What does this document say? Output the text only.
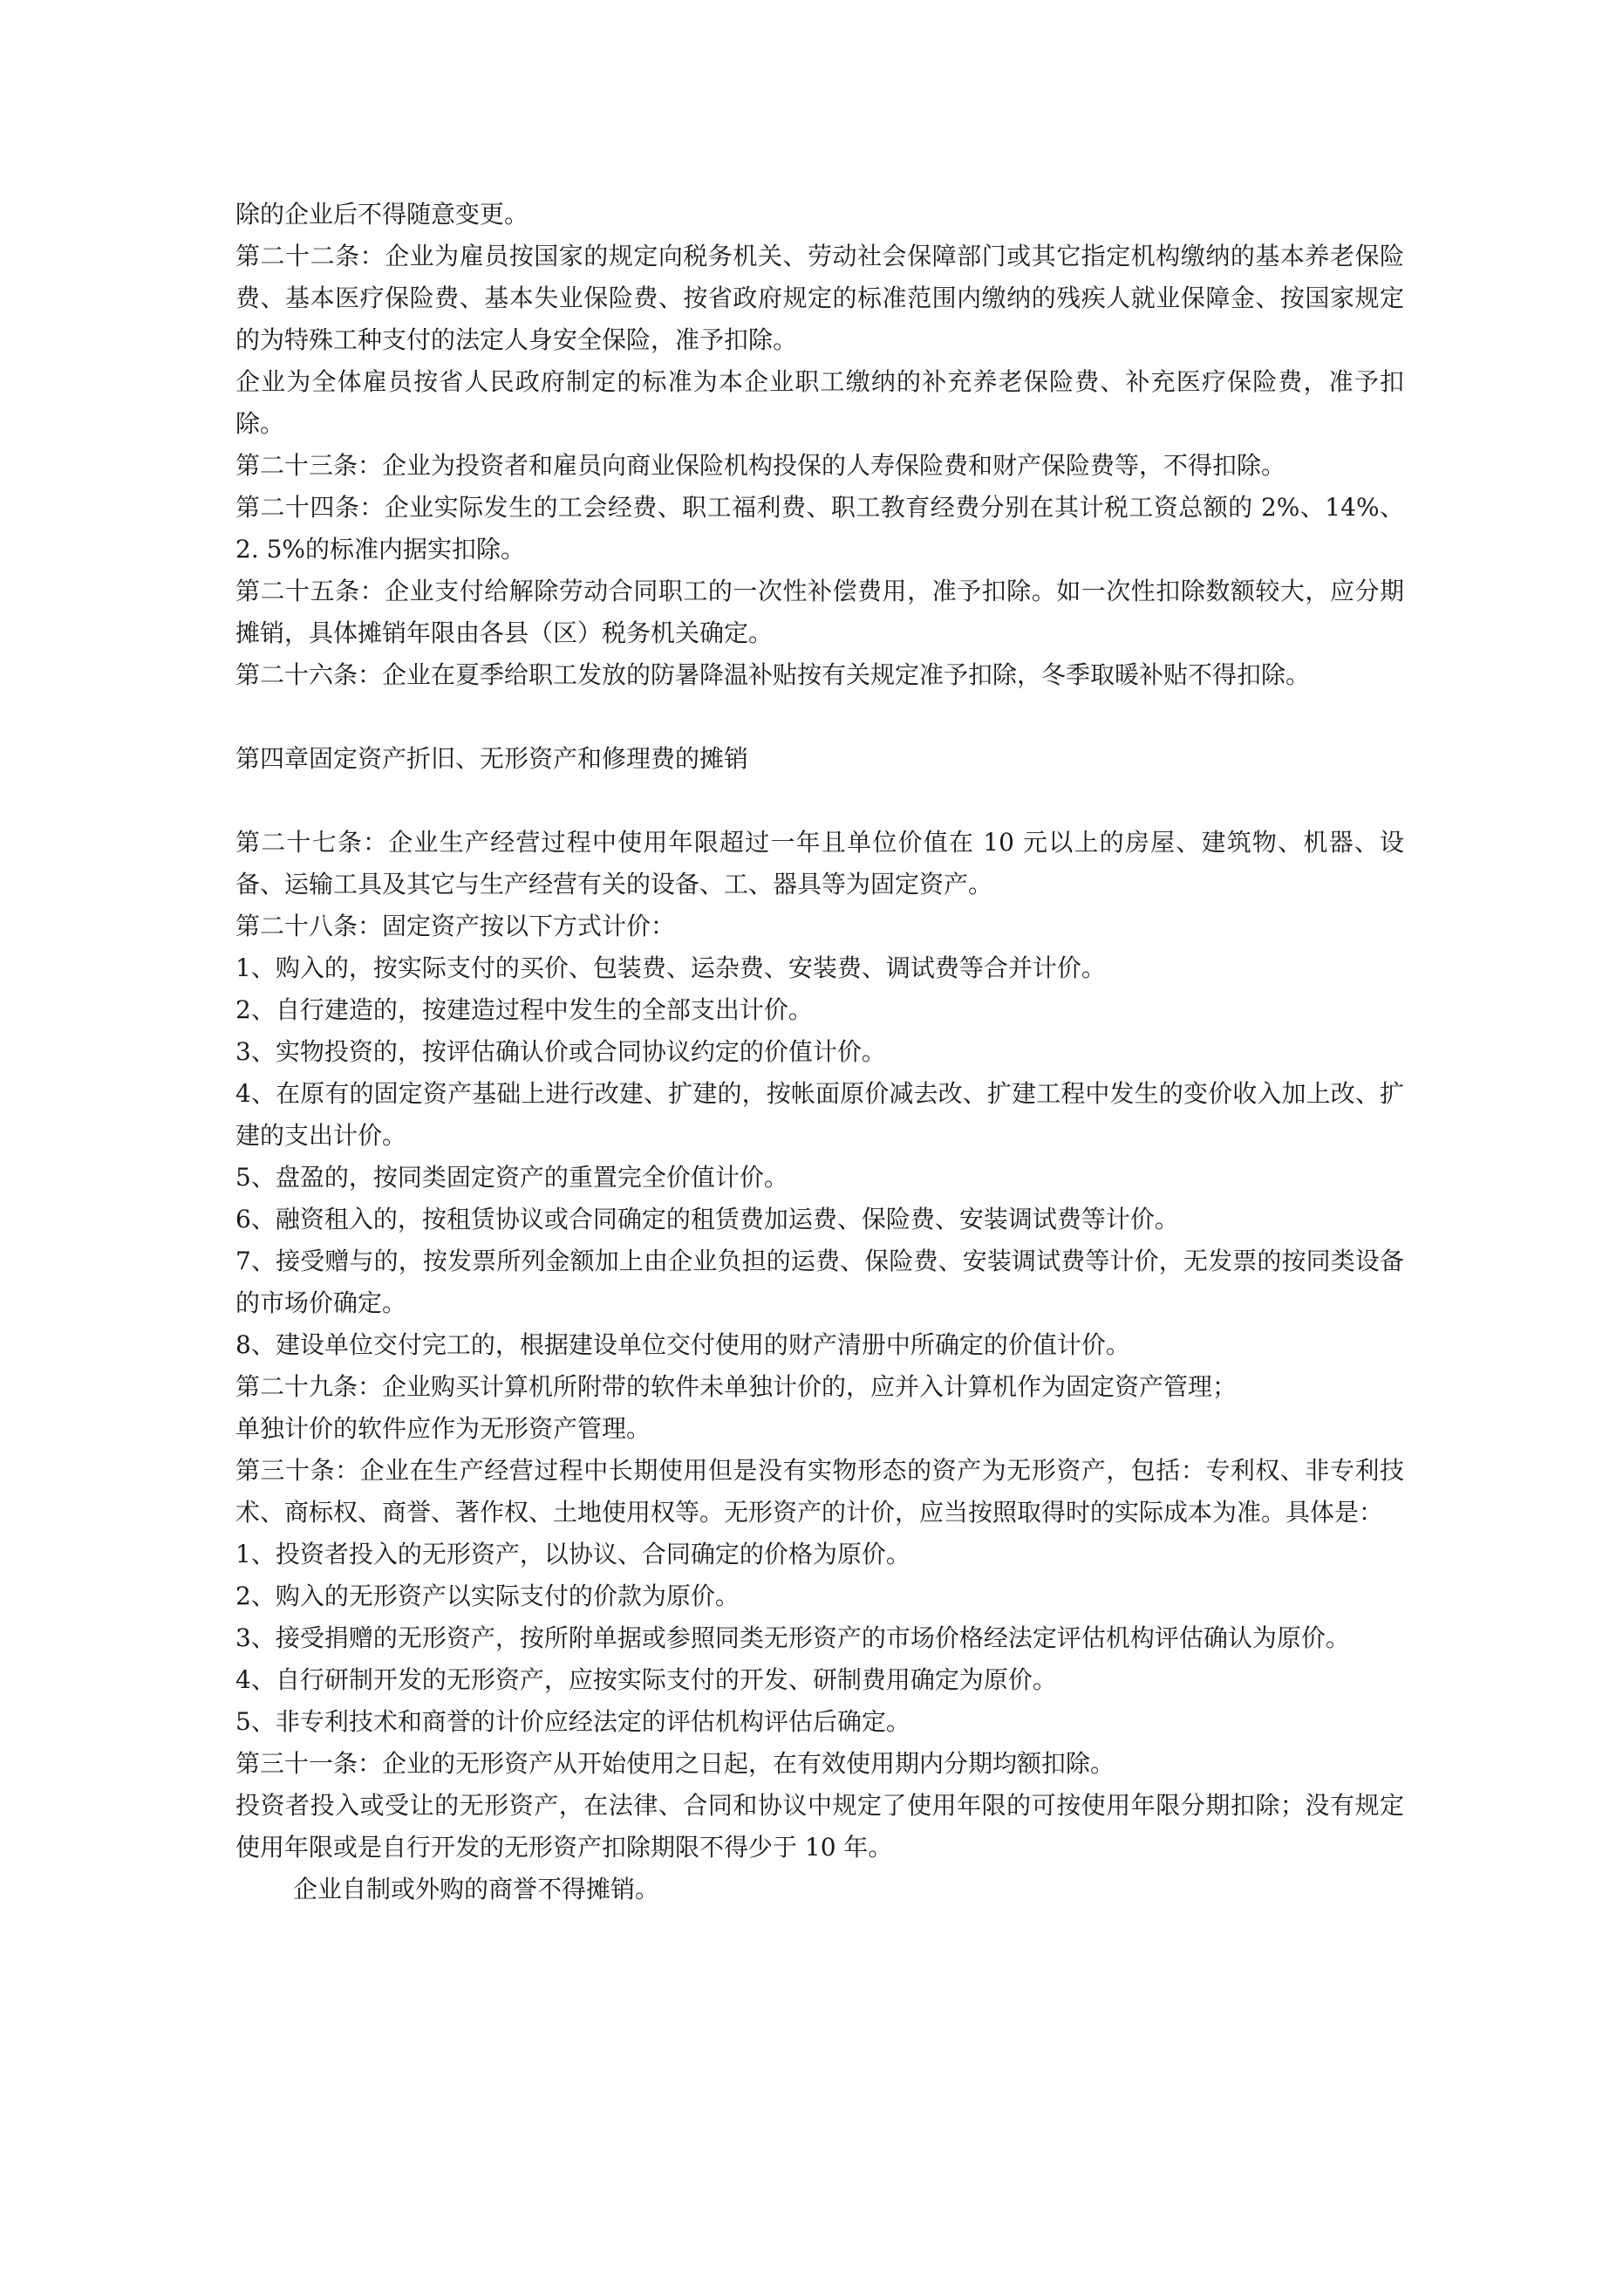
除的企业后不得随意变更。

第二十二条：企业为雇员按国家的规定向税务机关、劳动社会保障部门或其它指定机构缴纳的基本养老保险费、基本医疗保险费、基本失业保险费、按省政府规定的标准范围内缴纳的残疾人就业保障金、按国家规定的为特殊工种支付的法定人身安全保险，准予扣除。

企业为全体雇员按省人民政府制定的标准为本企业职工缴纳的补充养老保险费、补充医疗保险费，准予扣除。

第二十三条：企业为投资者和雇员向商业保险机构投保的人寿保险费和财产保险费等，不得扣除。

第二十四条：企业实际发生的工会经费、职工福利费、职工教育经费分别在其计税工资总额的 2%、14%、2. 5%的标准内据实扣除。

第二十五条：企业支付给解除劳动合同职工的一次性补偿费用，准予扣除。如一次性扣除数额较大，应分期摊销，具体摊销年限由各县（区）税务机关确定。

第二十六条：企业在夏季给职工发放的防暑降温补贴按有关规定准予扣除，冬季取暖补贴不得扣除。

第四章固定资产折旧、无形资产和修理费的摊销

第二十七条：企业生产经营过程中使用年限超过一年且单位价值在 10 元以上的房屋、建筑物、机器、设备、运输工具及其它与生产经营有关的设备、工、器具等为固定资产。

第二十八条：固定资产按以下方式计价：

1、购入的，按实际支付的买价、包装费、运杂费、安装费、调试费等合并计价。

2、自行建造的，按建造过程中发生的全部支出计价。

3、实物投资的，按评估确认价或合同协议约定的价值计价。

4、在原有的固定资产基础上进行改建、扩建的，按帐面原价减去改、扩建工程中发生的变价收入加上改、扩建的支出计价。

5、盘盈的，按同类固定资产的重置完全价值计价。

6、融资租入的，按租赁协议或合同确定的租赁费加运费、保险费、安装调试费等计价。

7、接受赠与的，按发票所列金额加上由企业负担的运费、保险费、安装调试费等计价，无发票的按同类设备的市场价确定。

8、建设单位交付完工的，根据建设单位交付使用的财产清册中所确定的价值计价。

第二十九条：企业购买计算机所附带的软件未单独计价的，应并入计算机作为固定资产管理；

单独计价的软件应作为无形资产管理。

第三十条：企业在生产经营过程中长期使用但是没有实物形态的资产为无形资产，包括：专利权、非专利技术、商标权、商誉、著作权、土地使用权等。无形资产的计价，应当按照取得时的实际成本为准。具体是：

1、投资者投入的无形资产，以协议、合同确定的价格为原价。

2、购入的无形资产以实际支付的价款为原价。

3、接受捐赠的无形资产，按所附单据或参照同类无形资产的市场价格经法定评估机构评估确认为原价。

4、自行研制开发的无形资产，应按实际支付的开发、研制费用确定为原价。

5、非专利技术和商誉的计价应经法定的评估机构评估后确定。

第三十一条：企业的无形资产从开始使用之日起，在有效使用期内分期均额扣除。

投资者投入或受让的无形资产，在法律、合同和协议中规定了使用年限的可按使用年限分期扣除；没有规定使用年限或是自行开发的无形资产扣除期限不得少于 10 年。

企业自制或外购的商誉不得摊销。
